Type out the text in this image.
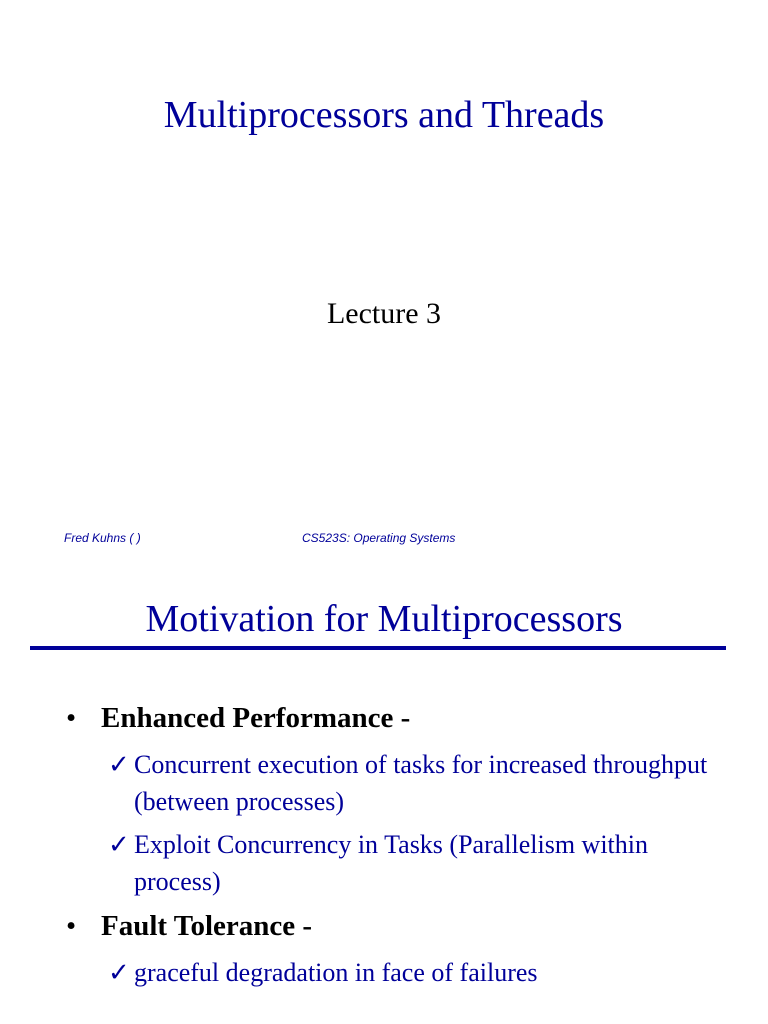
Multiprocessors and Threads
Lecture 3
Fred Kuhns ( )	CS523S: Operating Systems
Motivation for Multiprocessors
• Enhanced Performance -
✓ Concurrent execution of tasks for increased throughput (between processes)
✓ Exploit Concurrency in Tasks (Parallelism within process)
• Fault Tolerance -
✓ graceful degradation in face of failures
